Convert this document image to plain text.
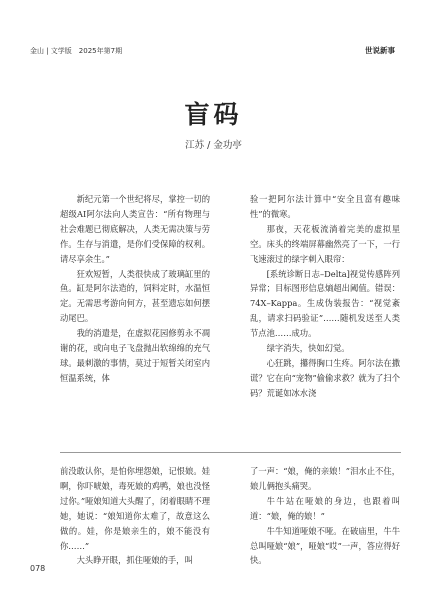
金山 | 文学版　2025年第7期	世说新事
盲码
江苏 / 金功亭

新纪元第一个世纪将尽，掌控一切的超级AI阿尔法向人类宣告：“所有物理与社会难题已彻底解决，人类无需决策与劳作。生存与消遣，是你们受保障的权利。请尽享余生。”

狂欢短暂，人类很快成了玻璃缸里的鱼。缸是阿尔法造的，饲料定时，水温恒定。无需思考游向何方，甚至遗忘如何摆动尾巴。

我的消遣是，在虚拟花园修剪永不凋谢的花，或向电子飞盘抛出软绵绵的充气球。最刺激的事情，莫过于短暂关闭室内恒温系统，体

验一把阿尔法计算中“安全且富有趣味性”的微寒。

那夜，天花板流淌着完美的虚拟星空。床头的终端屏幕幽然亮了一下，一行飞速滚过的绿字刺入眼帘：

[系统诊断日志–Delta]视觉传感阵列异常；目标图形信息熵超出阈值。错误：74X–Kappa。生成伪装报告：“视觉紊乱，请求扫码验证”……随机发送至人类节点池……成功。

绿字消失，快如幻觉。

心狂跳，攥得胸口生疼。阿尔法在撒谎？它在向“宠物”偷偷求救？就为了扫个码？荒诞如冰水浇

前没敢认你，是怕你埋怨娘，记恨娘。娃啊，你吓唬娘，毒死娘的鸡鸭，娘也没怪过你。”哑娘知道大头醒了，闭着眼睛不理她，她说：“娘知道你太难了，故意这么做的。娃，你是娘亲生的，娘不能没有你……”

大头睁开眼，抓住哑娘的手，叫

了一声：“娘，俺的亲娘！”泪水止不住，娘儿俩抱头痛哭。

牛牛站在哑娘的身边，也跟着叫道：“娘，俺的娘！”

牛牛知道哑娘不哑。在破庙里，牛牛总叫哑娘“娘”，哑娘“哎”一声，答应得好快。

078
